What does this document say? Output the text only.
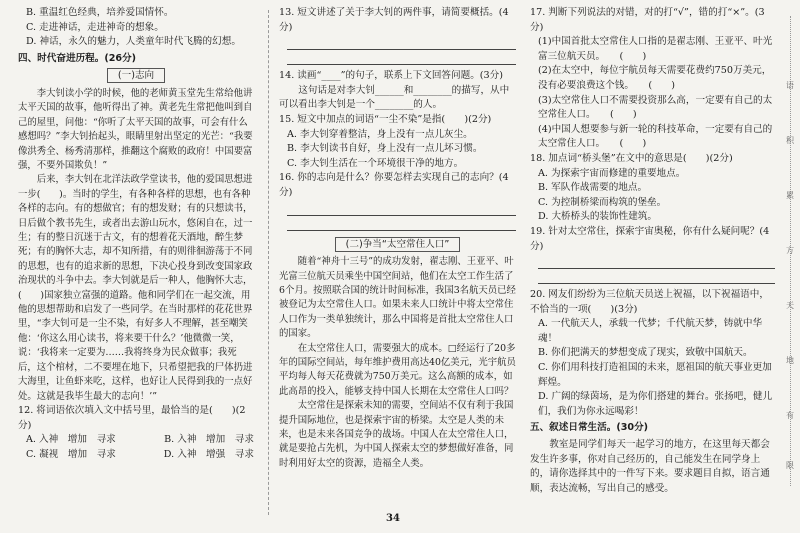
B. 重温红色经典，培养爱国情怀。

C. 走进神话，走进神奇的想象。

D. 神话，永久的魅力，人类童年时代飞腾的幻想。

四、时代奋进历程。(26分)

(一)志向

李大钊读小学的时候，他的老师黄玉堂先生常给他讲太平天国的故事，他听得出了神。黄老先生常把他叫到自己的屋里，问他：“你听了太平天国的故事，可会有什么感想吗？”李大钊抬起头，眼睛里射出坚定的光芒：“我要像洪秀全、杨秀清那样，推翻这个腐败的政府！中国要富强，不要外国欺负！”

后来，李大钊在北洋法政学堂读书，他的爱国思想进一步(　　)。当时的学生，有各种各样的思想，也有各种各样的志向。有的想做官；有的想发财；有的只想读书，日后做个教书先生，或者出去游山玩水，悠闲自在，过一生；有的整日沉迷于古文，有的想着花天酒地，醉生梦死；有的胸怀大志，却不知所措，有的则徘徊游荡于不同的思想，也有的追求新的思想，下决心投身到改变国家政治现状的斗争中去。李大钊就是后一种人，他胸怀大志，(　　)国家独立富强的道路。他和同学们在一起交流，用他的思想帮助和启发了一些同学。在当时那样的花花世界里，“李大钊可是一尘不染，有好多人不理解，甚至嘲笑他：‘你这么用心读书，将来要干什么？’他微微一笑，说：‘我将来一定要为……我将终身为民众做事；我死后，这个棺材，二不要埋在地下，只希望把我的尸体扔进大海里，让鱼虾来吃，这样，也好让人民得到我的一点好处。这就是我毕生最大的志向！’”

12. 将词语依次填入文中括号里，最恰当的是(　　)(2分)

A. 入神　增加　寻求	B. 入神　增加　寻求
C. 凝视　增加　寻求	D. 入神　增强　寻求

13. 短文讲述了关于李大钊的两件事，请简要概括。(4分)

14. 读画“____”的句子，联系上下文回答问题。(3分)

这句话是对李大钊______和________的描写，从中可以看出李大钊是一个________的人。

15. 短文中加点的词语“一尘不染”是指(　　)(2分)

A. 李大钊穿着整洁，身上没有一点儿灰尘。

B. 李大钊读书自好，身上没有一点儿坏习惯。

C. 李大钊生活在一个环境很干净的地方。

16. 你的志向是什么？你要怎样去实现自己的志向？(4分)

(二)争当“太空常住人口”

随着“神舟十三号”的成功发射，翟志刚、王亚平、叶光富三位航天员乘坐中国空间站，他们在太空工作生活了6个月。按照联合国的统计时间标准，我国3名航天员已经被登记为太空常住人口。如果未来人口统计中将太空常住人口作为一类单独统计，那么中国将是首批太空常住人口的国家。

在太空常住人口，需要强大的成本。□经运行了20多年的国际空间站，每年维护费用高达40亿美元，光宇航员平均每人每天花费就为750万美元。这么高额的成本，如此高昂的投入，能够支持中国人长期在太空常住人口吗？

太空常住是探索未知的需要，空间站不仅有利于我国提升国际地位，也是探索宇宙的桥梁。太空是人类的未来，也是未来各国竞争的战场。中国人在太空常住人口，就是要抢占先机，为中国人探索太空的梦想做好准备，同时利用好太空的资源，造福全人类。

17. 判断下列说法的对错，对的打“√”，错的打“×”。(3分)

(1)中国首批太空常住人口指的是翟志刚、王亚平、叶光富三位航天员。　　(　　)

(2)在太空中，每位宇航员每天需要花费约750万美元，没有必要浪费这个钱。　　(　　)

(3)太空常住人口不需要投资那么高，一定要有自己的太空常住人口。　　(　　)

(4)中国人想要参与新一轮的科技革命，一定要有自己的太空常住人口。　　(　　)

18. 加点词“桥头堡”在文中的意思是(　　)(2分)

A. 为探索宇宙而修建的重要地点。

B. 军队作战需要的地点。

C. 为控制桥梁而构筑的堡垒。

D. 大桥桥头的装饰性建筑。

19. 针对太空常住，探索宇宙奥秘，你有什么疑问呢？(4分)

20. 网友们纷纷为三位航天员送上祝福，以下祝福语中，不恰当的一项(　　)(3分)

A. 一代航天人，承载一代梦；千代航天梦，铸就中华魂！

B. 你们把满天的梦想变成了现实，致敬中国航天。

C. 你们用科技打造祖国的未来，愿祖国的航天事业更加辉煌。

D. 广阔的绿茵场，是为你们搭建的舞台。张扬吧，健儿们，我们为你永远喝彩！

五、叙述日常生活。(30分)

教室是同学们每天一起学习的地方，在这里每天都会发生许多事，你对自己经历的，自己能发生在同学身上的，请你选择其中的一件写下来。要求题目自拟，语言通顺，表达流畅，写出自己的感受。

语
积
累
方
天
地
有
限
34
